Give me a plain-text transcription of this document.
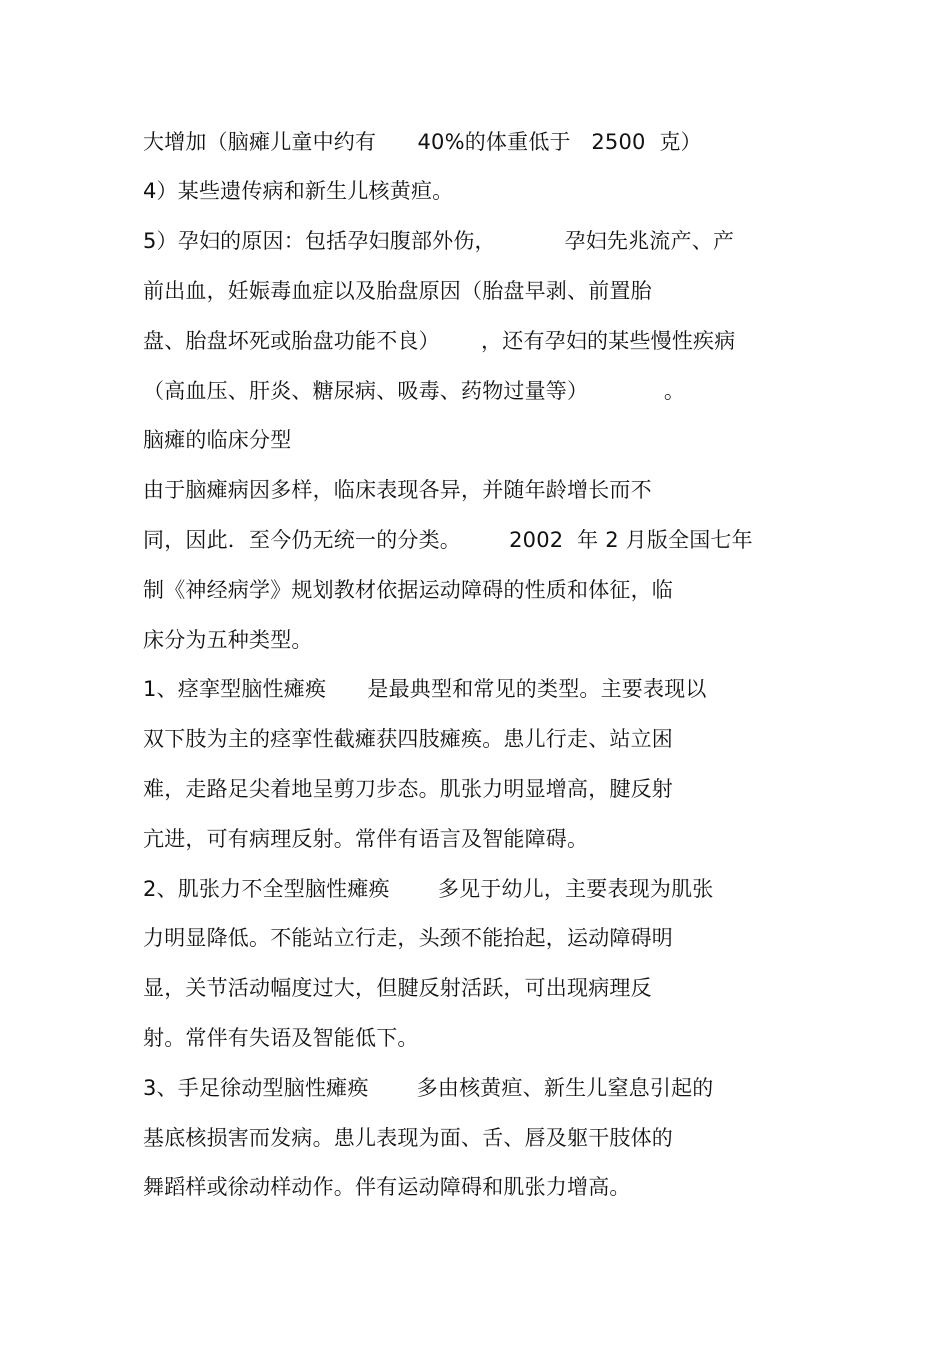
大增加（脑瘫儿童中约有      40%的体重低于   2500  克）
4）某些遗传病和新生儿核黄疸。
5）孕妇的原因：包括孕妇腹部外伤，          孕妇先兆流产、产
前出血，妊娠毒血症以及胎盘原因（胎盘早剥、前置胎
盘、胎盘坏死或胎盘功能不良）      ，还有孕妇的某些慢性疾病
（高血压、肝炎、糖尿病、吸毒、药物过量等）           。
脑瘫的临床分型
由于脑瘫病因多样，临床表现各异，并随年龄增长而不
同，因此．至今仍无统一的分类。       2002  年 2 月版全国七年
制《神经病学》规划教材依据运动障碍的性质和体征，临
床分为五种类型。
1、痉挛型脑性瘫痪      是最典型和常见的类型。主要表现以
双下肢为主的痉挛性截瘫获四肢瘫痪。患儿行走、站立困
难，走路足尖着地呈剪刀步态。肌张力明显增高，腱反射
亢进，可有病理反射。常伴有语言及智能障碍。
2、肌张力不全型脑性瘫痪       多见于幼儿，主要表现为肌张
力明显降低。不能站立行走，头颈不能抬起，运动障碍明
显，关节活动幅度过大，但腱反射活跃，可出现病理反
射。常伴有失语及智能低下。
3、手足徐动型脑性瘫痪       多由核黄疸、新生儿窒息引起的
基底核损害而发病。患儿表现为面、舌、唇及躯干肢体的
舞蹈样或徐动样动作。伴有运动障碍和肌张力增高。
